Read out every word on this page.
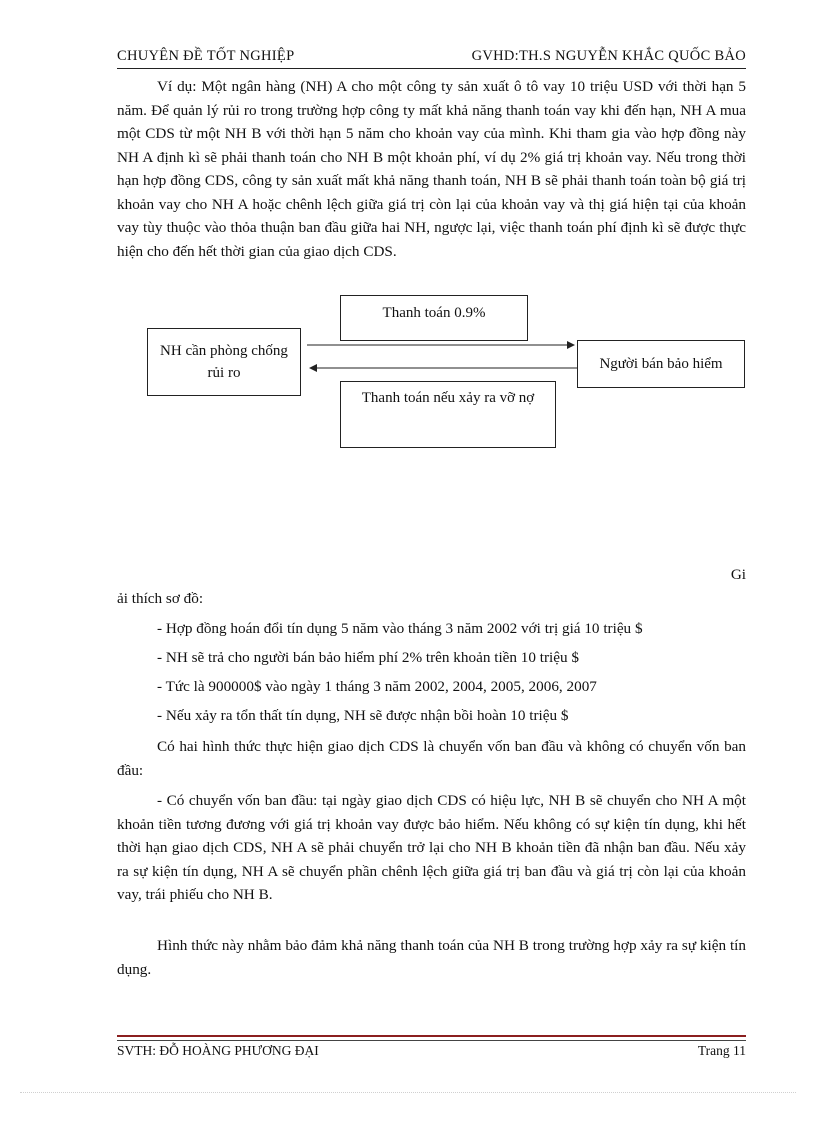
CHUYÊN ĐỀ TỐT NGHIỆP	GVHD:TH.S NGUYỄN KHẮC QUỐC BẢO

Ví dụ: Một ngân hàng (NH) A cho một công ty sản xuất ô tô vay 10 triệu USD với thời hạn 5 năm. Để quản lý rủi ro trong trường hợp công ty mất khả năng thanh toán vay khi đến hạn, NH A mua một CDS từ một NH B với thời hạn 5 năm cho khoản vay của mình. Khi tham gia vào hợp đồng này NH A định kì sẽ phải thanh toán cho NH B một khoản phí, ví dụ 2% giá trị khoản vay. Nếu trong thời hạn hợp đồng CDS, công ty sản xuất mất khả năng thanh toán, NH B sẽ phải thanh toán toàn bộ giá trị khoản vay cho NH A hoặc chênh lệch giữa giá trị còn lại của khoản vay và thị giá hiện tại của khoản vay tùy thuộc vào thỏa thuận ban đầu giữa hai NH, ngược lại, việc thanh toán phí định kì sẽ được thực hiện cho đến hết thời gian của giao dịch CDS.

Thanh toán 0.9%
NH cần phòng chống rủi ro
Người bán bảo hiểm
Thanh toán nếu xảy ra vỡ nợ
Gi
ải thích sơ đồ:
- Hợp đồng hoán đổi tín dụng 5 năm vào tháng 3 năm 2002 với trị giá 10 triệu $
- NH sẽ trả cho người bán bảo hiểm phí 2% trên khoản tiền 10 triệu $
- Tức là 900000$ vào ngày 1 tháng 3 năm 2002, 2004, 2005, 2006, 2007
- Nếu xảy ra tổn thất tín dụng, NH sẽ được nhận bồi hoàn 10 triệu $

Có hai hình thức thực hiện giao dịch CDS là chuyển vốn ban đầu và không có chuyển vốn ban đầu:

- Có chuyển vốn ban đầu: tại ngày giao dịch CDS có hiệu lực, NH B sẽ chuyển cho NH A một khoản tiền tương đương với giá trị khoản vay được bảo hiểm. Nếu không có sự kiện tín dụng, khi hết thời hạn giao dịch CDS, NH A sẽ phải chuyển trở lại cho NH B khoản tiền đã nhận ban đầu. Nếu xảy ra sự kiện tín dụng, NH A sẽ chuyển phần chênh lệch giữa giá trị ban đầu và giá trị còn lại của khoản vay, trái phiếu cho NH B.

Hình thức này nhằm bảo đảm khả năng thanh toán của NH B trong trường hợp xảy ra sự kiện tín dụng.

SVTH: ĐỖ HOÀNG PHƯƠNG ĐẠI	Trang 11
